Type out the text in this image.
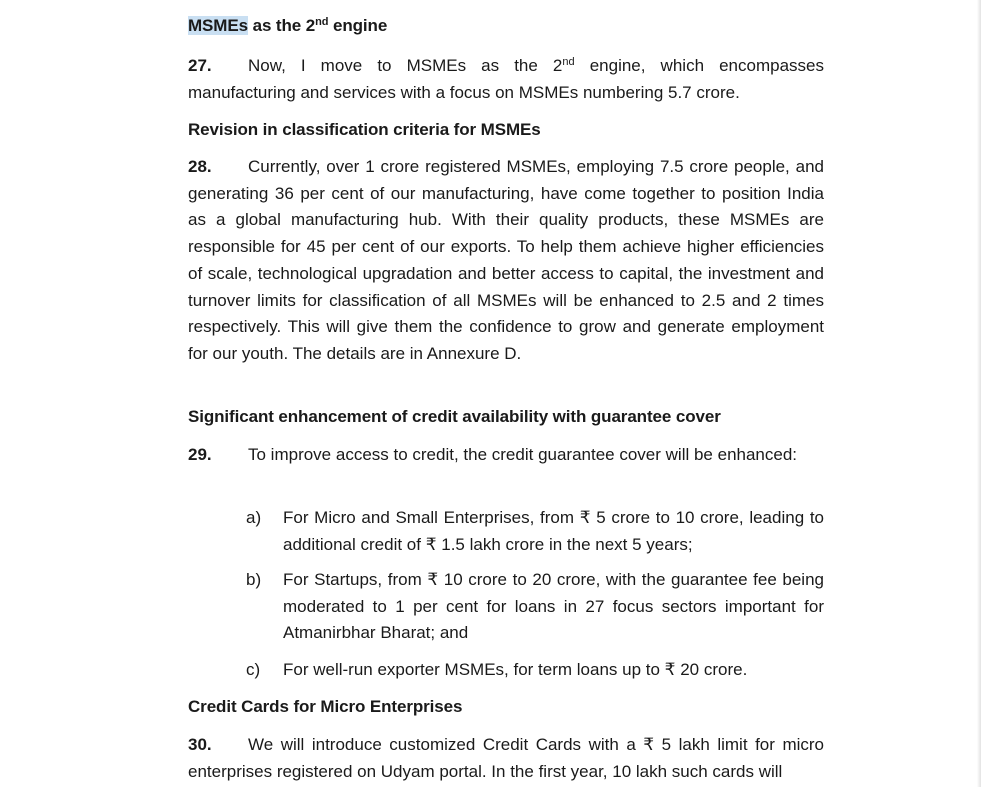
MSMEs as the 2nd engine

27. Now, I move to MSMEs as the 2nd engine, which encompasses manufacturing and services with a focus on MSMEs numbering 5.7 crore.

Revision in classification criteria for MSMEs

28. Currently, over 1 crore registered MSMEs, employing 7.5 crore people, and generating 36 per cent of our manufacturing, have come together to position India as a global manufacturing hub. With their quality products, these MSMEs are responsible for 45 per cent of our exports. To help them achieve higher efficiencies of scale, technological upgradation and better access to capital, the investment and turnover limits for classification of all MSMEs will be enhanced to 2.5 and 2 times respectively. This will give them the confidence to grow and generate employment for our youth. The details are in Annexure D.

Significant enhancement of credit availability with guarantee cover

29. To improve access to credit, the credit guarantee cover will be enhanced:

a)	For Micro and Small Enterprises, from ₹ 5 crore to 10 crore, leading to additional credit of ₹ 1.5 lakh crore in the next 5 years;

b)	For Startups, from ₹ 10 crore to 20 crore, with the guarantee fee being moderated to 1 per cent for loans in 27 focus sectors important for Atmanirbhar Bharat; and

c)	For well-run exporter MSMEs, for term loans up to ₹ 20 crore.

Credit Cards for Micro Enterprises

30. We will introduce customized Credit Cards with a ₹ 5 lakh limit for micro enterprises registered on Udyam portal. In the first year, 10 lakh such cards will
